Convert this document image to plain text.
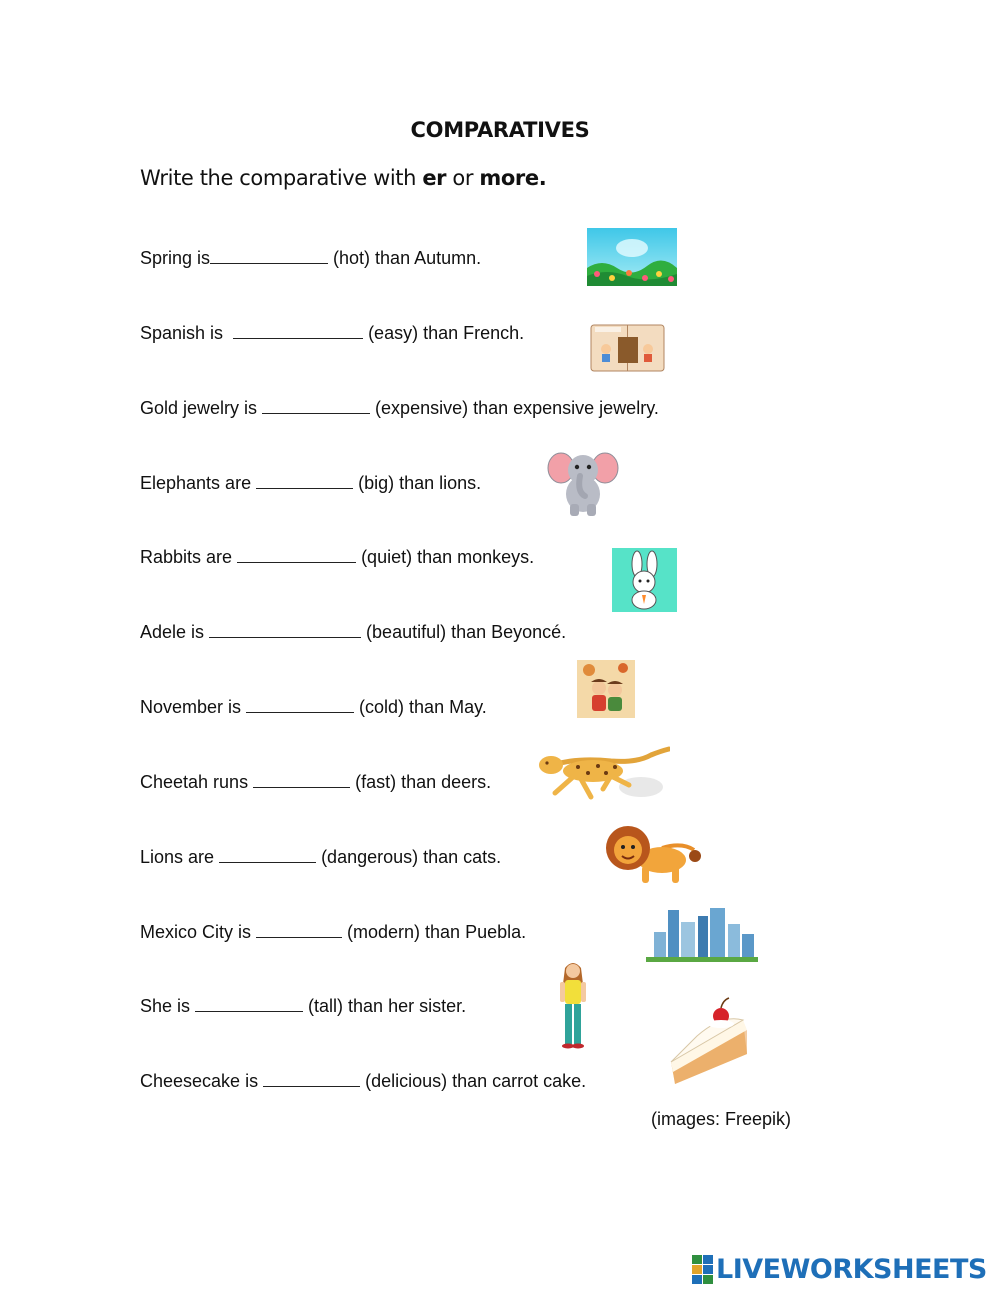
COMPARATIVES
Write the comparative with er or more.
Spring is	(hot) than Autumn.
Spanish is	(easy) than French.
Gold jewelry is	(expensive) than expensive jewelry.
Elephants are	(big) than lions.
Rabbits are	(quiet) than monkeys.
Adele is	(beautiful) than Beyoncé.
November is	(cold) than May.
Cheetah runs	(fast) than deers.
Lions are	(dangerous) than cats.
Mexico City is	(modern) than Puebla.
She is	(tall) than her sister.
Cheesecake is	(delicious) than carrot cake.
(images: Freepik)
LIVEWORKSHEETS
